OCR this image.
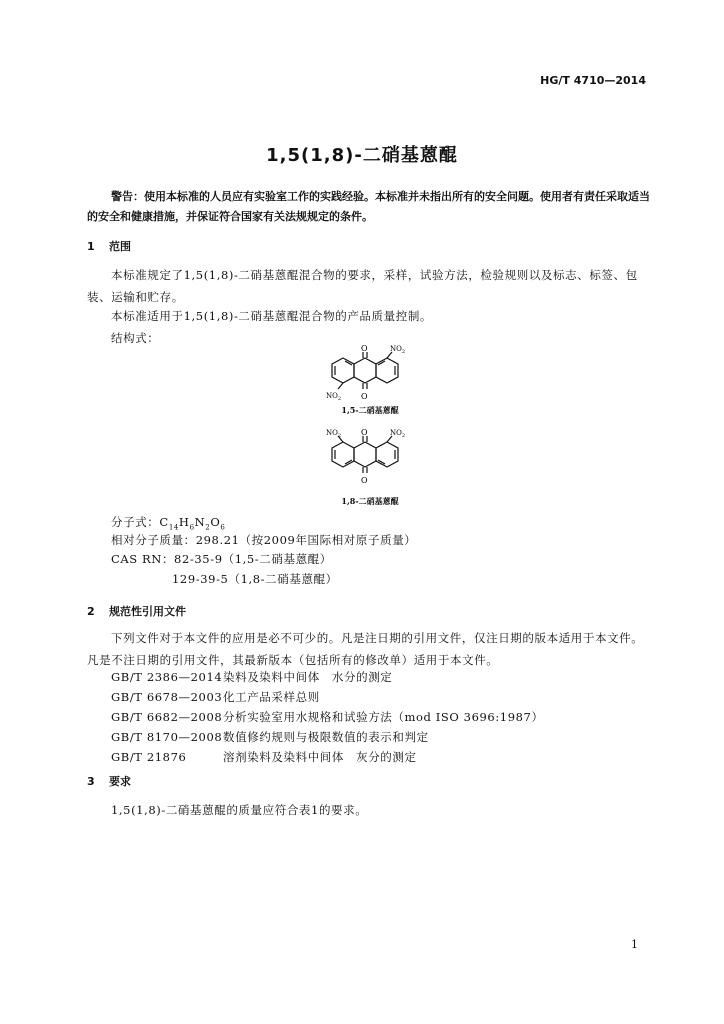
HG/T 4710—2014
1,5(1,8)-二硝基蒽醌
警告：使用本标准的人员应有实验室工作的实践经验。本标准并未指出所有的安全问题。使用者有责任采取适当的安全和健康措施，并保证符合国家有关法规规定的条件。
1 范围
本标准规定了1,5(1,8)-二硝基蒽醌混合物的要求，采样，试验方法，检验规则以及标志、标签、包装、运输和贮存。
本标准适用于1,5(1,8)-二硝基蒽醌混合物的产品质量控制。
结构式：
O
O
$NO_2$
$NO_2$
1,5-二硝基蒽醌
O
O
$NO_2$
$NO_2$
1,8-二硝基蒽醌
分子式：$C_{14}H_6N_2O_6$
相对分子质量：298.21（按2009年国际相对原子质量）
CAS RN：82-35-9（1,5-二硝基蒽醌）
129-39-5（1,8-二硝基蒽醌）
2 规范性引用文件
下列文件对于本文件的应用是必不可少的。凡是注日期的引用文件，仅注日期的版本适用于本文件。凡是不注日期的引用文件，其最新版本（包括所有的修改单）适用于本文件。
GB/T 2386—2014染料及染料中间体　水分的测定
GB/T 6678—2003化工产品采样总则
GB/T 6682—2008分析实验室用水规格和试验方法（mod ISO 3696:1987）
GB/T 8170—2008数值修约规则与极限数值的表示和判定
GB/T 21876	溶剂染料及染料中间体　灰分的测定
3 要求
1,5(1,8)-二硝基蒽醌的质量应符合表1的要求。
1
